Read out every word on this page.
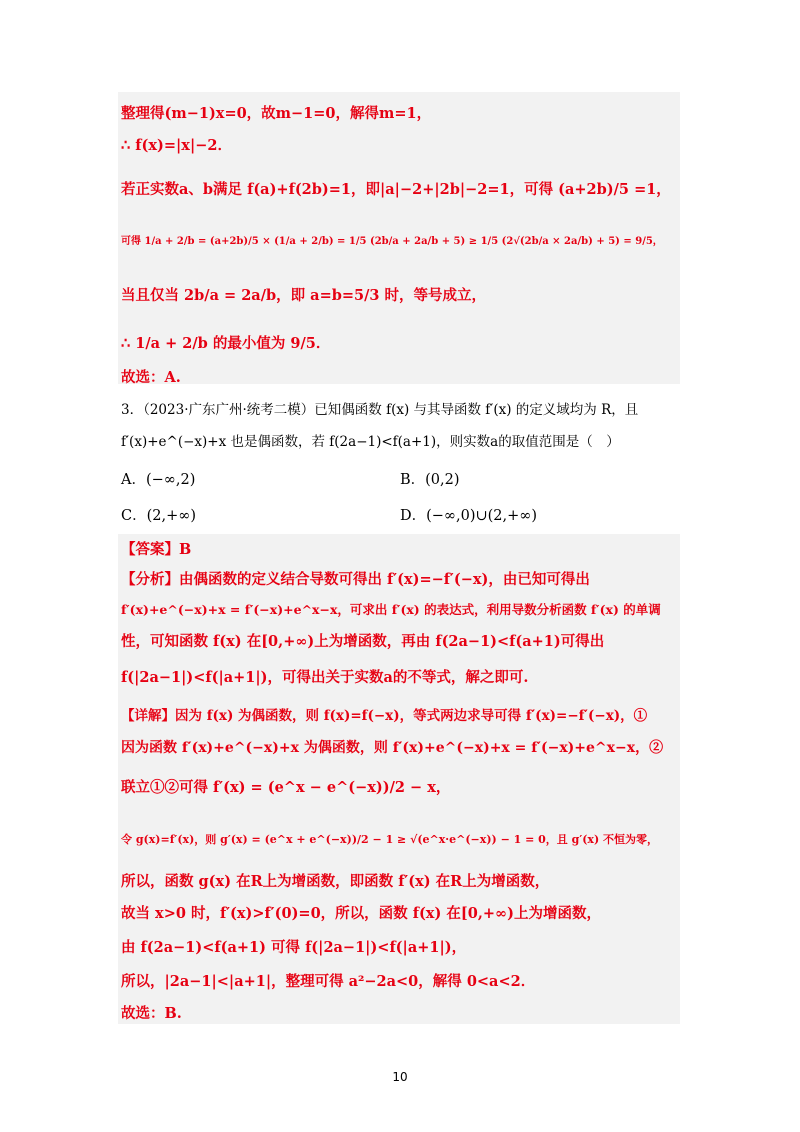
整理得(m−1)x=0，故m−1=0，解得m=1，
∴ f(x)=|x|−2．
若正实数a、b满足 f(a)+f(2b)=1，即|a|−2+|2b|−2=1，可得 (a+2b)/5 =1，
可得 1/a + 2/b = (a+2b)/5 × (1/a + 2/b) = 1/5 (2b/a + 2a/b + 5) ≥ 1/5 (2√(2b/a × 2a/b) + 5) = 9/5，
当且仅当 2b/a = 2a/b，即 a=b=5/3 时，等号成立，
∴ 1/a + 2/b 的最小值为 9/5．
故选：A.
3．（2023·广东广州·统考二模）已知偶函数 f(x) 与其导函数 f′(x) 的定义域均为 R，且
f′(x)+e^(−x)+x 也是偶函数，若 f(2a−1)<f(a+1)，则实数a的取值范围是（　）
A．(−∞,2)	B．(0,2)
C．(2,+∞)	D．(−∞,0)∪(2,+∞)
【答案】B
【分析】由偶函数的定义结合导数可得出 f′(x)=−f′(−x)，由已知可得出
f′(x)+e^(−x)+x = f′(−x)+e^x−x，可求出 f′(x) 的表达式，利用导数分析函数 f′(x) 的单调
性，可知函数 f(x) 在[0,+∞)上为增函数，再由 f(2a−1)<f(a+1)可得出
f(|2a−1|)<f(|a+1|)，可得出关于实数a的不等式，解之即可.
【详解】因为 f(x) 为偶函数，则 f(x)=f(−x)，等式两边求导可得 f′(x)=−f′(−x)，①
因为函数 f′(x)+e^(−x)+x 为偶函数，则 f′(x)+e^(−x)+x = f′(−x)+e^x−x，②
联立①②可得 f′(x) = (e^x − e^(−x))/2 − x，
令 g(x)=f′(x)，则 g′(x) = (e^x + e^(−x))/2 − 1 ≥ √(e^x·e^(−x)) − 1 = 0，且 g′(x) 不恒为零，
所以，函数 g(x) 在R上为增函数，即函数 f′(x) 在R上为增函数，
故当 x>0 时，f′(x)>f′(0)=0，所以，函数 f(x) 在[0,+∞)上为增函数，
由 f(2a−1)<f(a+1) 可得 f(|2a−1|)<f(|a+1|)，
所以，|2a−1|<|a+1|，整理可得 a²−2a<0，解得 0<a<2．
故选：B.
10
